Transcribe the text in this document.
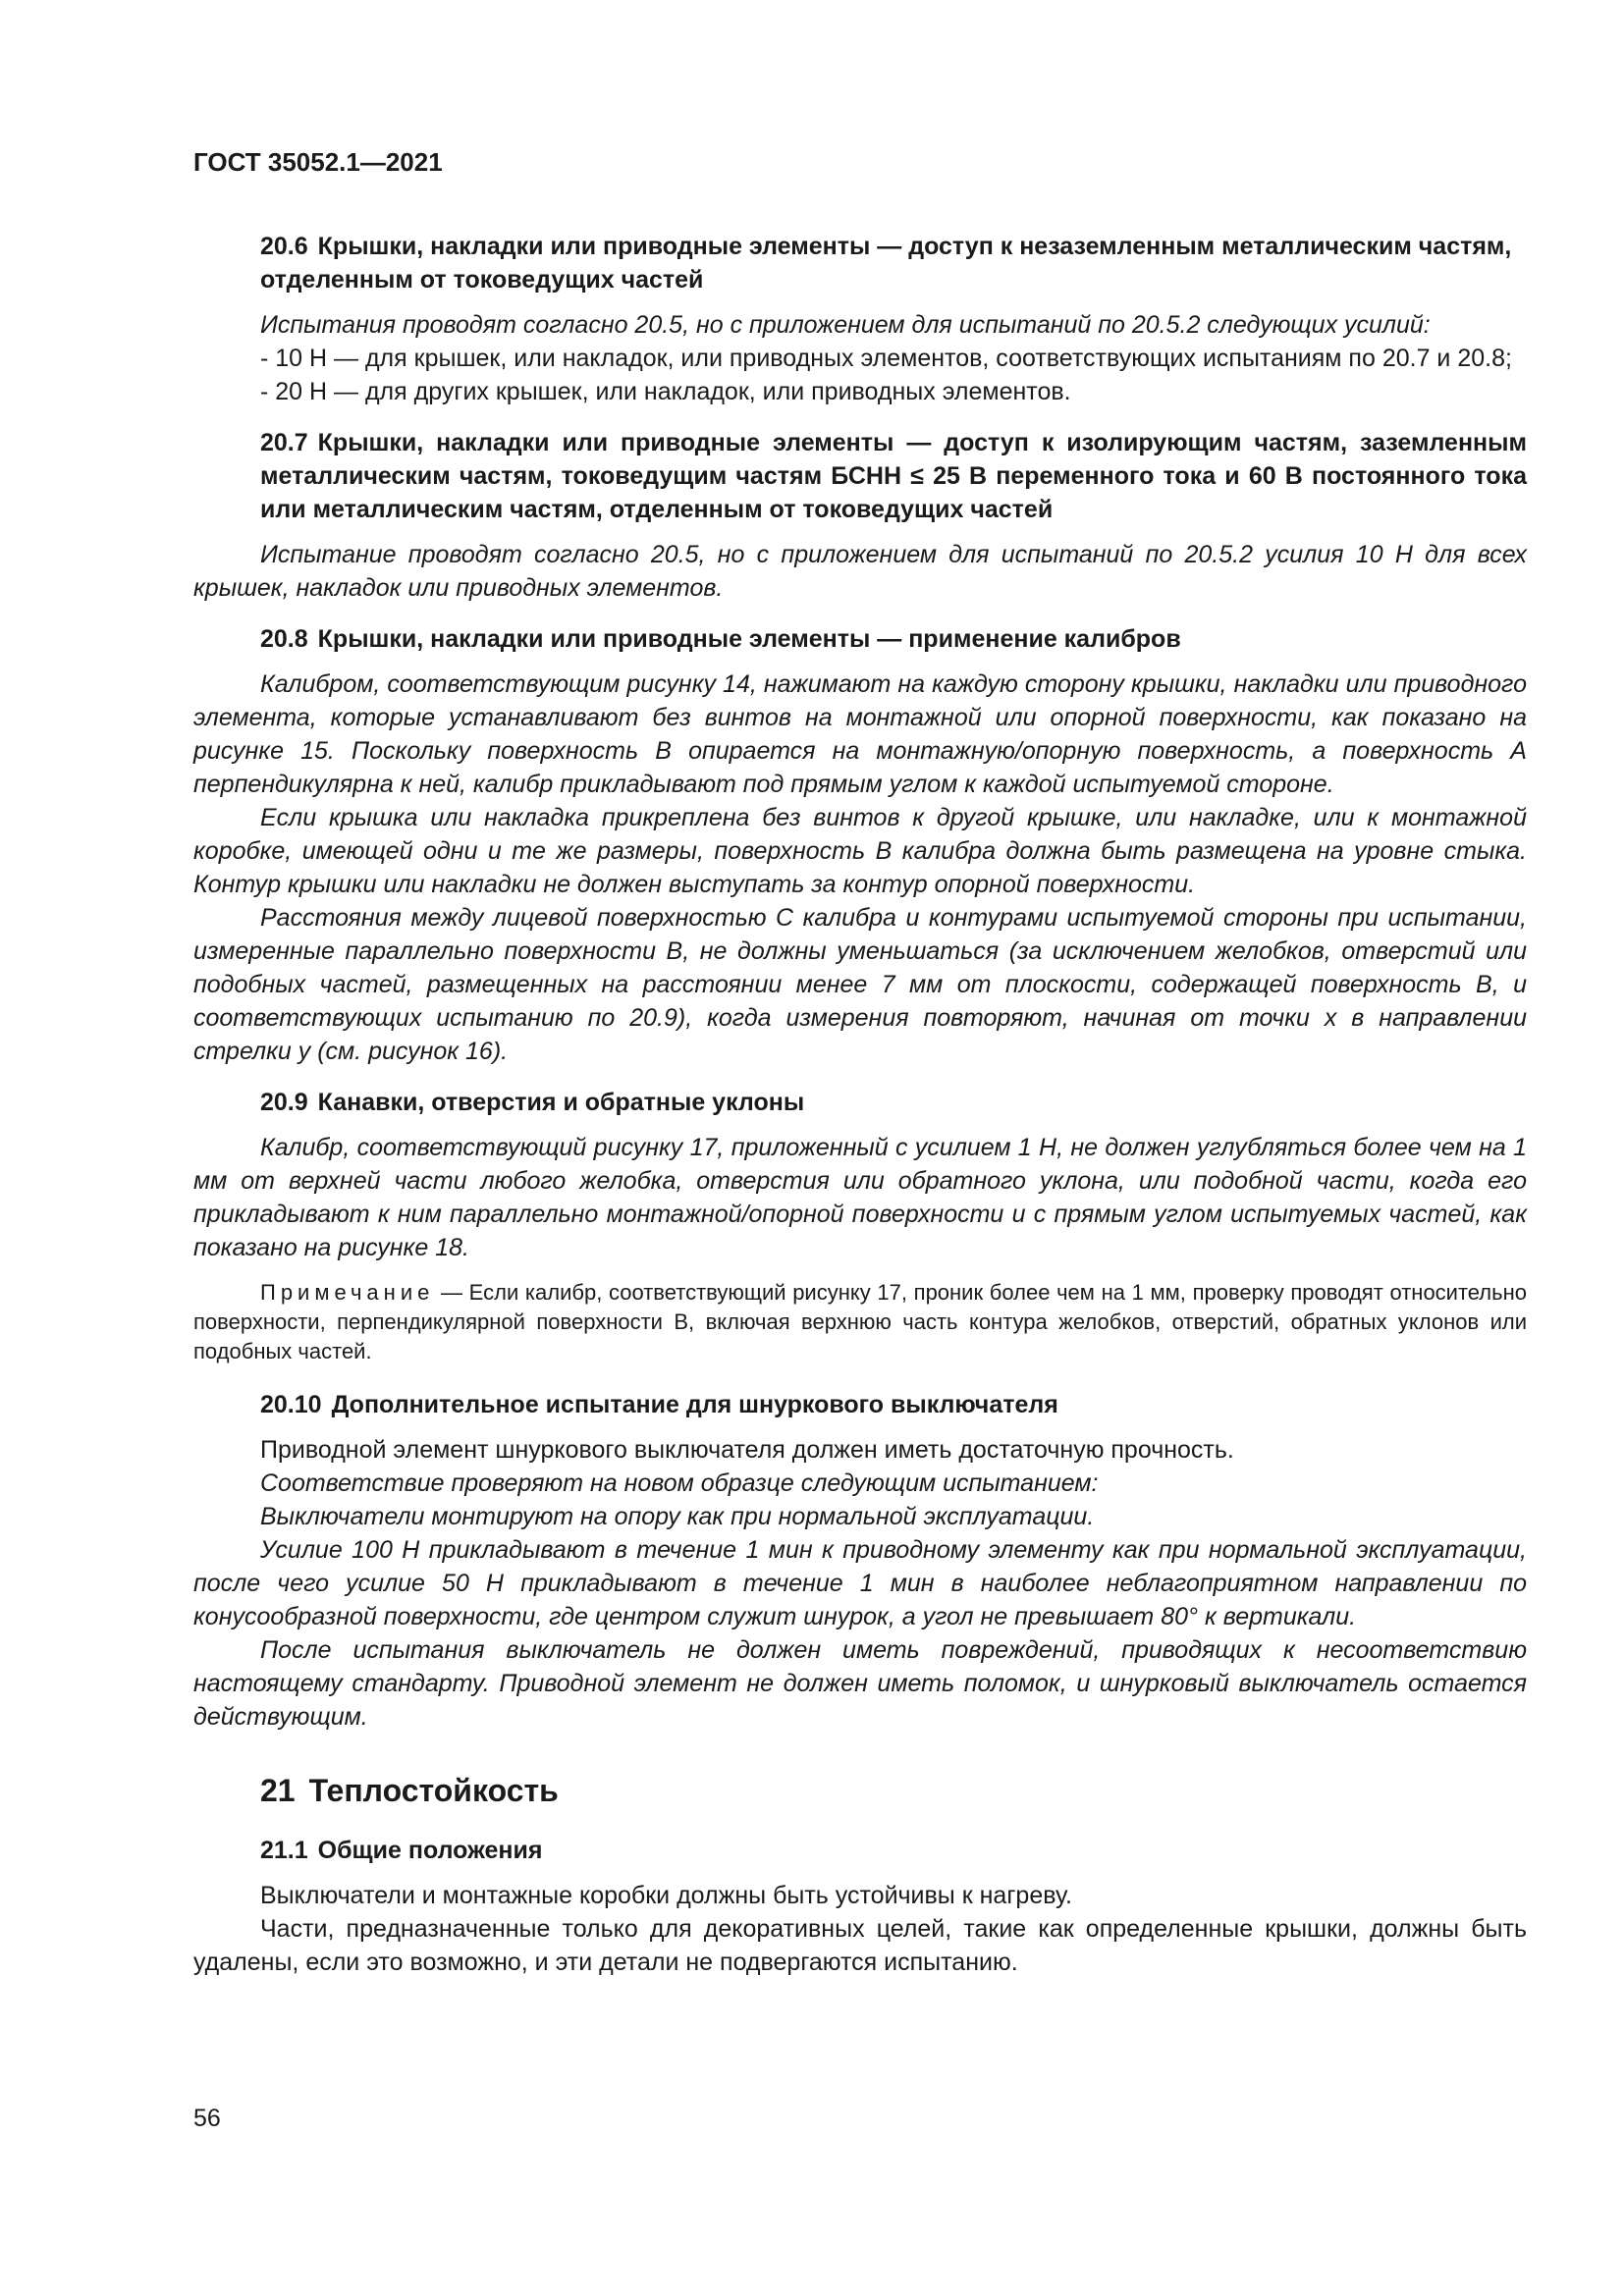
ГОСТ 35052.1—2021
20.6 Крышки, накладки или приводные элементы — доступ к незаземленным металлическим частям, отделенным от токоведущих частей

Испытания проводят согласно 20.5, но с приложением для испытаний по 20.5.2 следующих усилий:

- 10 Н — для крышек, или накладок, или приводных элементов, соответствующих испытаниям по 20.7 и 20.8;

- 20 Н — для других крышек, или накладок, или приводных элементов.

20.7 Крышки, накладки или приводные элементы — доступ к изолирующим частям, заземленным металлическим частям, токоведущим частям БСНН ≤ 25 В переменного тока и 60 В постоянного тока или металлическим частям, отделенным от токоведущих частей

Испытание проводят согласно 20.5, но с приложением для испытаний по 20.5.2 усилия 10 Н для всех крышек, накладок или приводных элементов.

20.8 Крышки, накладки или приводные элементы — применение калибров

Калибром, соответствующим рисунку 14, нажимают на каждую сторону крышки, накладки или приводного элемента, которые устанавливают без винтов на монтажной или опорной поверхности, как показано на рисунке 15. Поскольку поверхность В опирается на монтажную/опорную поверхность, а поверхность А перпендикулярна к ней, калибр прикладывают под прямым углом к каждой испытуемой стороне.

Если крышка или накладка прикреплена без винтов к другой крышке, или накладке, или к монтажной коробке, имеющей одни и те же размеры, поверхность В калибра должна быть размещена на уровне стыка. Контур крышки или накладки не должен выступать за контур опорной поверхности.

Расстояния между лицевой поверхностью С калибра и контурами испытуемой стороны при испытании, измеренные параллельно поверхности В, не должны уменьшаться (за исключением желобков, отверстий или подобных частей, размещенных на расстоянии менее 7 мм от плоскости, содержащей поверхность В, и соответствующих испытанию по 20.9), когда измерения повторяют, начиная от точки x в направлении стрелки y (см. рисунок 16).

20.9 Канавки, отверстия и обратные уклоны

Калибр, соответствующий рисунку 17, приложенный с усилием 1 Н, не должен углубляться более чем на 1 мм от верхней части любого желобка, отверстия или обратного уклона, или подобной части, когда его прикладывают к ним параллельно монтажной/опорной поверхности и с прямым углом испытуемых частей, как показано на рисунке 18.

Примечание — Если калибр, соответствующий рисунку 17, проник более чем на 1 мм, проверку проводят относительно поверхности, перпендикулярной поверхности B, включая верхнюю часть контура желобков, отверстий, обратных уклонов или подобных частей.
20.10 Дополнительное испытание для шнуркового выключателя

Приводной элемент шнуркового выключателя должен иметь достаточную прочность.

Соответствие проверяют на новом образце следующим испытанием:

Выключатели монтируют на опору как при нормальной эксплуатации.

Усилие 100 Н прикладывают в течение 1 мин к приводному элементу как при нормальной эксплуатации, после чего усилие 50 Н прикладывают в течение 1 мин в наиболее неблагоприятном направлении по конусообразной поверхности, где центром служит шнурок, а угол не превышает 80° к вертикали.

После испытания выключатель не должен иметь повреждений, приводящих к несоответствию настоящему стандарту. Приводной элемент не должен иметь поломок, и шнурковый выключатель остается действующим.

21 Теплостойкость
21.1 Общие положения

Выключатели и монтажные коробки должны быть устойчивы к нагреву.

Части, предназначенные только для декоративных целей, такие как определенные крышки, должны быть удалены, если это возможно, и эти детали не подвергаются испытанию.

56
